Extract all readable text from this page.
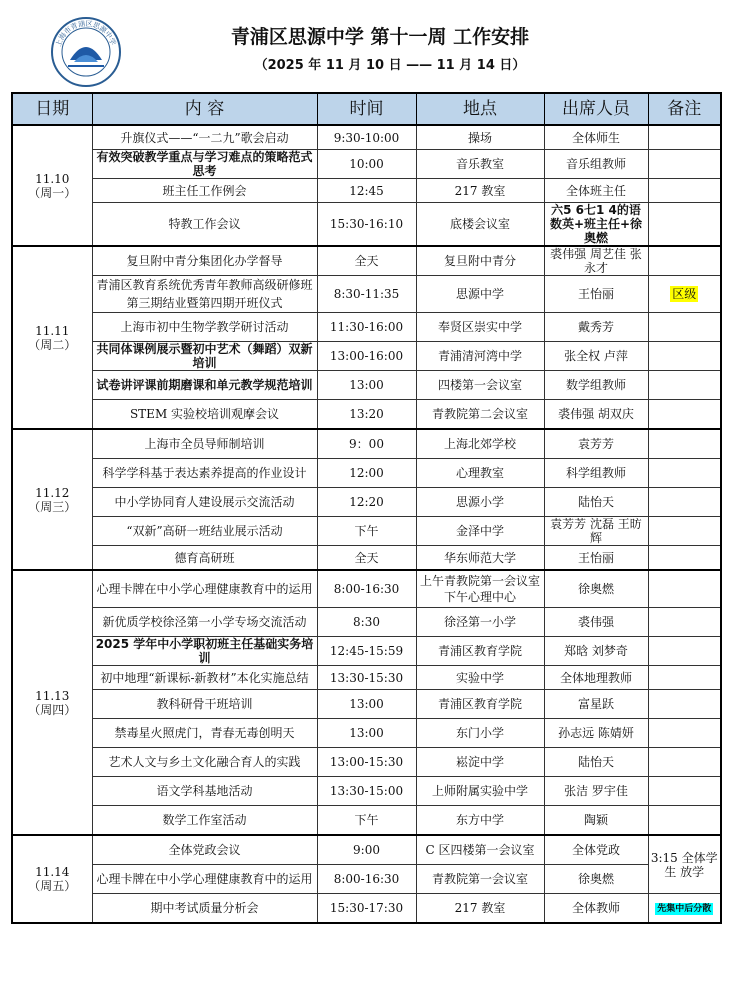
上海市青浦区思源中学	青浦区思源中学 第十一周 工作安排
（2025 年 11 月 10 日 —— 11 月 14 日）
日期	内 容	时间	地点	出席人员	备注
11.10
（周一）	升旗仪式——“一二九”歌会启动	9:30-10:00	操场	全体师生	
	有效突破教学重点与学习难点的策略范式思考	10:00	音乐教室	音乐组教师	
	班主任工作例会	12:45	217 教室	全体班主任	
	特教工作会议	15:30-16:10	底楼会议室	六5 6七1 4的语数英+班主任+徐奥燃	
11.11
（周二）	复旦附中青分集团化办学督导	全天	复旦附中青分	裘伟强 周艺佳 张永才	
	青浦区教育系统优秀青年教师高级研修班第三期结业暨第四期开班仪式	8:30-11:35	思源中学	王怡丽	区级
	上海市初中生物学教学研讨活动	11:30-16:00	奉贤区崇实中学	戴秀芳	
	共同体课例展示暨初中艺术（舞蹈）双新培训	13:00-16:00	青浦清河湾中学	张全权 卢萍	
	试卷讲评课前期磨课和单元教学规范培训	13:00	四楼第一会议室	数学组教师	
	STEM 实验校培训观摩会议	13:20	青教院第二会议室	裘伟强 胡双庆	
11.12
（周三）	上海市全员导师制培训	9：00	上海北郊学校	袁芳芳	
	科学学科基于表达素养提高的作业设计	12:00	心理教室	科学组教师	
	中小学协同育人建设展示交流活动	12:20	思源小学	陆怡天	
	“双新”高研一班结业展示活动	下午	金泽中学	袁芳芳 沈磊 王昉辉	
	德育高研班	全天	华东师范大学	王怡丽	
11.13
（周四）	心理卡牌在中小学心理健康教育中的运用	8:00-16:30	上午青教院第一会议室
下午心理中心	徐奥燃	
	新优质学校徐泾第一小学专场交流活动	8:30	徐泾第一小学	裘伟强	
	2025 学年中小学职初班主任基础实务培训	12:45-15:59	青浦区教育学院	郑晗 刘梦奇	
	初中地理“新课标-新教材”本化实施总结	13:30-15:30	实验中学	全体地理教师	
	教科研骨干班培训	13:00	青浦区教育学院	富星跃	
	禁毒星火照虎门，青春无毒创明天	13:00	东门小学	孙志远 陈婧妍	
	艺术人文与乡土文化融合育人的实践	13:00-15:30	崧淀中学	陆怡天	
	语文学科基地活动	13:30-15:00	上师附属实验中学	张洁 罗宇佳	
	数学工作室活动	下午	东方中学	陶颖	
11.14
（周五）	全体党政会议	9:00	C 区四楼第一会议室	全体党政	3:15 全体学生 放学
	心理卡牌在中小学心理健康教育中的运用	8:00-16:30	青教院第一会议室	徐奥燃	
	期中考试质量分析会	15:30-17:30	217 教室	全体教师	先集中后分散
